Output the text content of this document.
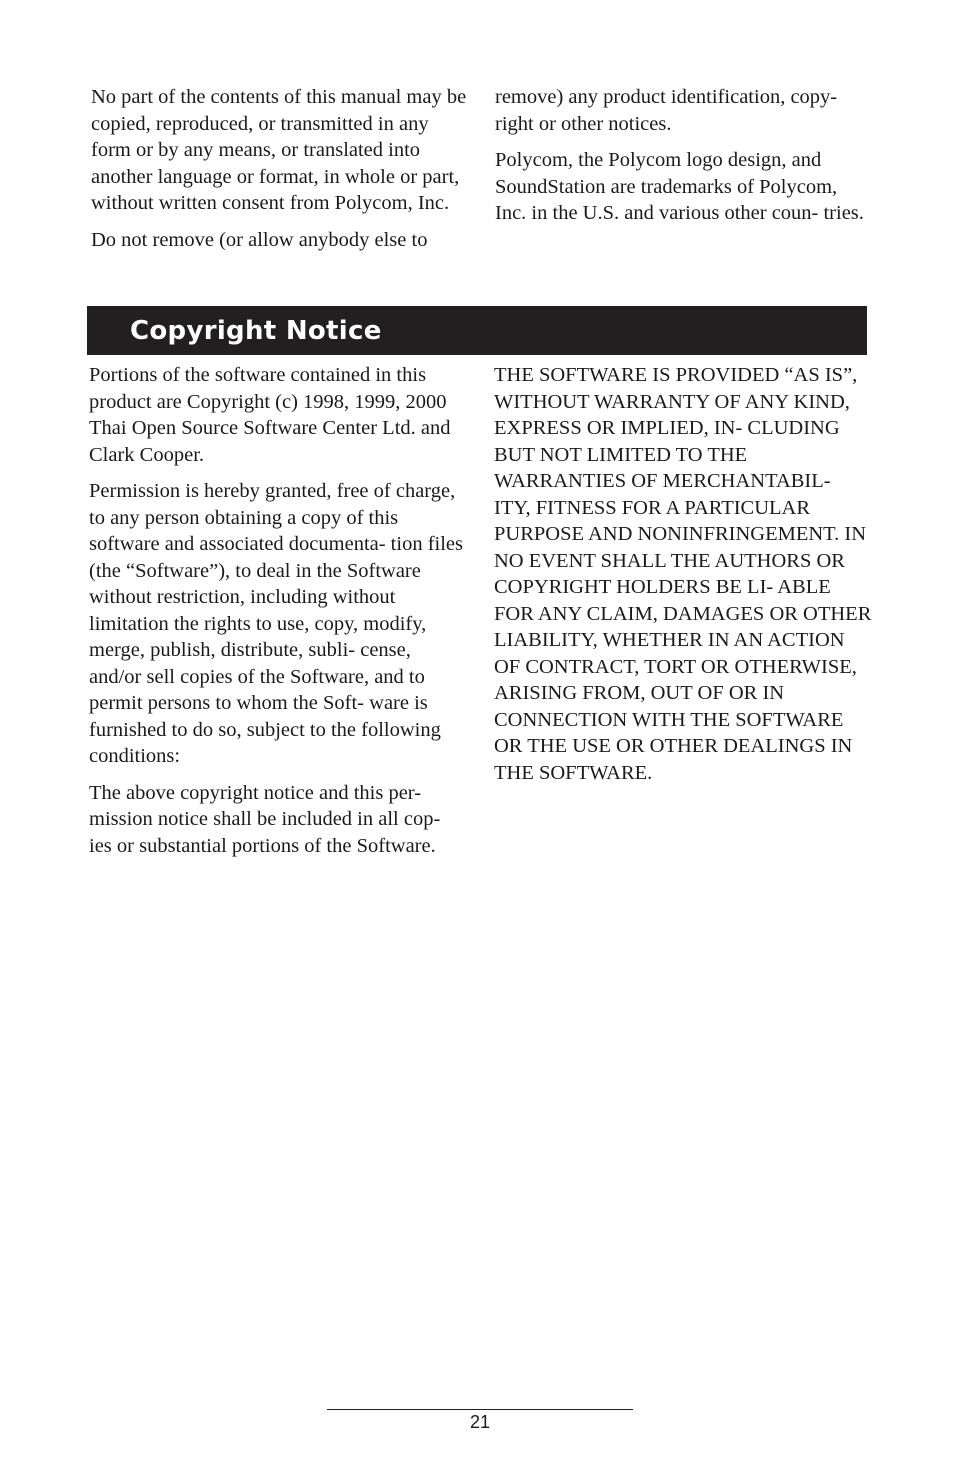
No part of the contents of this manual may be copied, reproduced, or transmitted in any form or by any means, or translated into another language or format, in whole or part, without written consent from Polycom, Inc.

Do not remove (or allow anybody else to

remove) any product identification, copy- right or other notices.

Polycom, the Polycom logo design, and SoundStation are trademarks of Polycom, Inc. in the U.S. and various other coun- tries.

Copyright Notice

Portions of the software contained in this product are Copyright (c) 1998, 1999, 2000 Thai Open Source Software Center Ltd. and Clark Cooper.

Permission is hereby granted, free of charge, to any person obtaining a copy of this software and associated documenta- tion files (the “Software”), to deal in the Software without restriction, including without limitation the rights to use, copy, modify, merge, publish, distribute, subli- cense, and/or sell copies of the Software, and to permit persons to whom the Soft- ware is furnished to do so, subject to the following conditions:

The above copyright notice and this per- mission notice shall be included in all cop- ies or substantial portions of the Software.

THE SOFTWARE IS PROVIDED “AS IS”, WITHOUT WARRANTY OF ANY KIND, EXPRESS OR IMPLIED, IN- CLUDING BUT NOT LIMITED TO THE WARRANTIES OF MERCHANTABIL- ITY, FITNESS FOR A PARTICULAR PURPOSE AND NONINFRINGEMENT. IN NO EVENT SHALL THE AUTHORS OR COPYRIGHT HOLDERS BE LI- ABLE FOR ANY CLAIM, DAMAGES OR OTHER LIABILITY, WHETHER IN AN ACTION OF CONTRACT, TORT OR OTHERWISE, ARISING FROM, OUT OF OR IN CONNECTION WITH THE SOFTWARE OR THE USE OR OTHER DEALINGS IN THE SOFTWARE.

21
